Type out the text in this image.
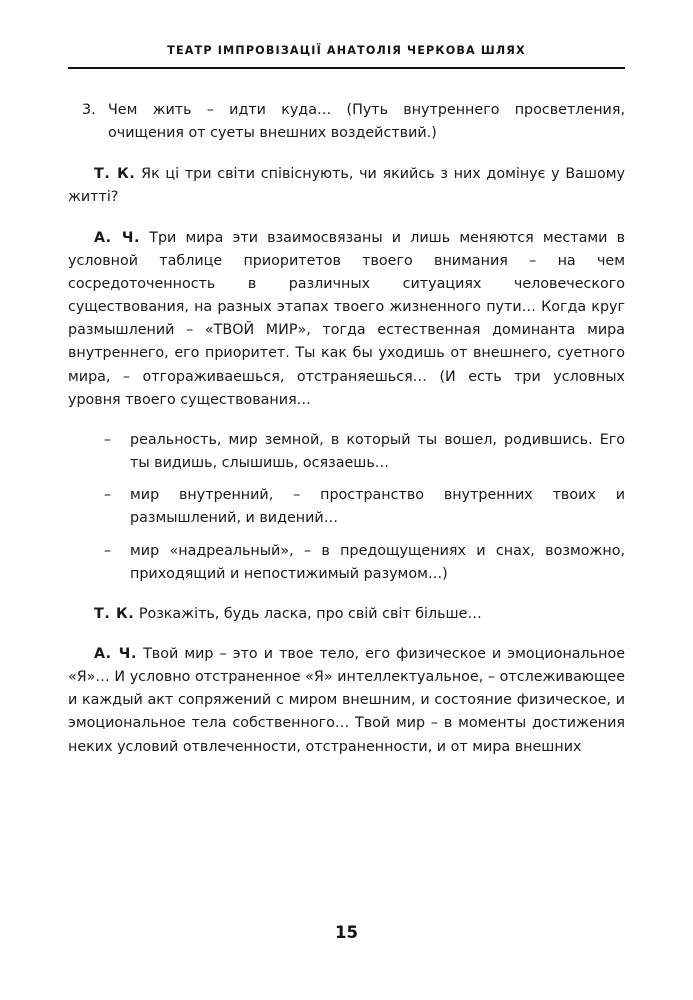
ТЕАТР ІМПРОВІЗАЦІЇ АНАТОЛІЯ ЧЕРКОВА ШЛЯХ
3. Чем жить – идти куда… (Путь внутреннего просветления, очищения от суеты внешних воздействий.)

Т. К. Як ці три світи співіснують, чи якийсь з них домінує у Вашому житті?

А. Ч. Три мира эти взаимосвязаны и лишь меняются местами в условной таблице приоритетов твоего внимания – на чем сосредоточенность в различных ситуациях человеческого существования, на разных этапах твоего жизненного пути… Когда круг размышлений – «ТВОЙ МИР», тогда естественная доминанта мира внутреннего, его приоритет. Ты как бы уходишь от внешнего, суетного мира, – отгораживаешься, отстраняешься… (И есть три условных уровня твоего существования…

–	реальность, мир земной, в который ты вошел, родившись. Его ты видишь, слышишь, осязаешь…
–	мир внутренний, – пространство внутренних твоих и размышлений, и видений…
–	мир «надреальный», – в предощущениях и снах, возможно, приходящий и непостижимый разумом…)

Т. К. Розкажіть, будь ласка, про свій світ більше…

А. Ч. Твой мир – это и твое тело, его физическое и эмоциональное «Я»… И условно отстраненное «Я» интеллектуальное, – отслеживающее и каждый акт сопряжений с миром внешним, и состояние физическое, и эмоциональное тела собственного… Твой мир – в моменты достижения неких условий отвлеченности, отстраненности, и от мира внешних

15
